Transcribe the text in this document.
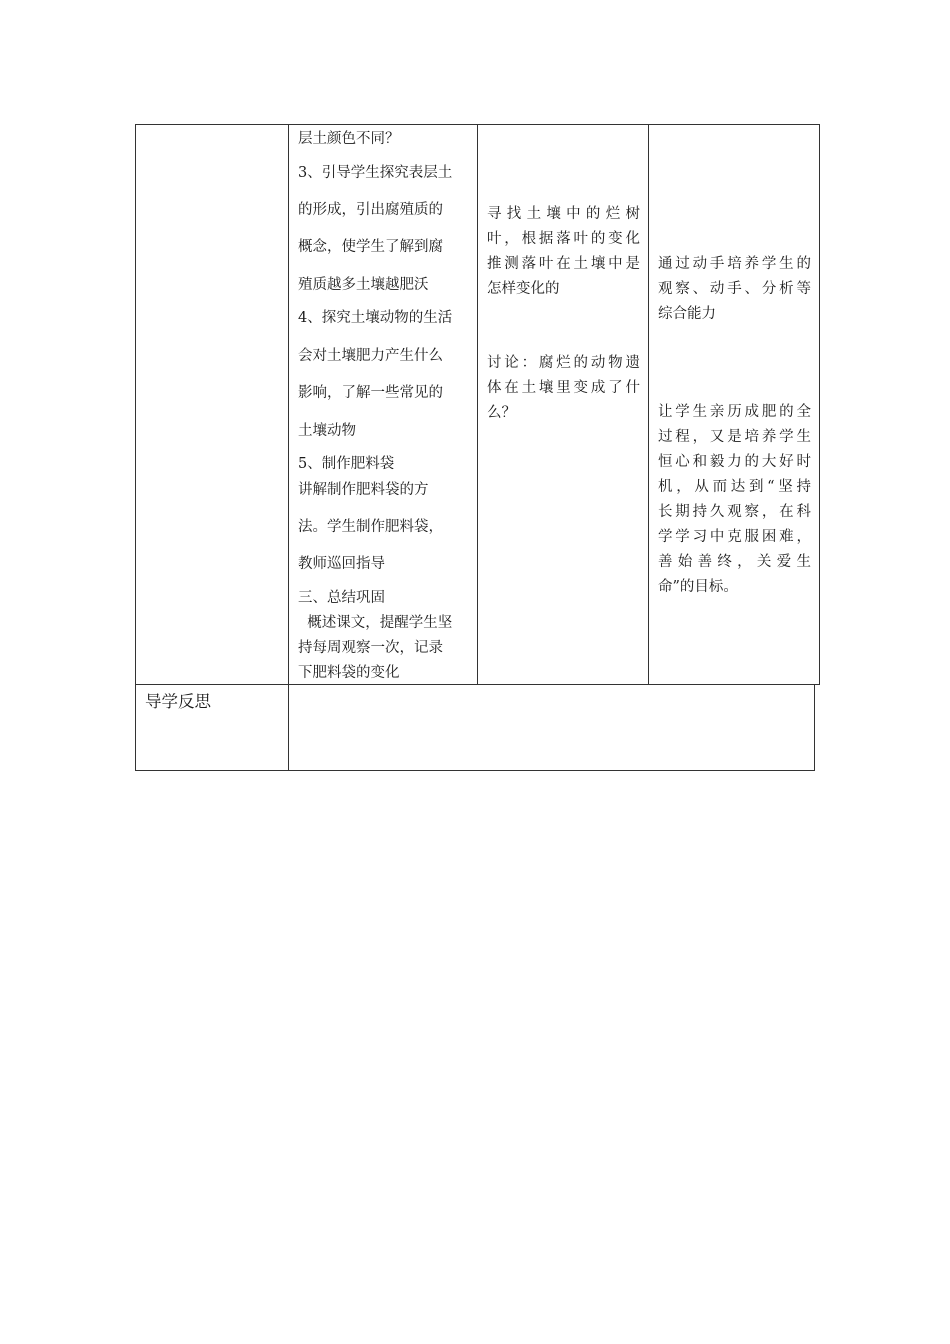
层土颜色不同？
3、引导学生探究表层土
的形成，引出腐殖质的
概念，使学生了解到腐
殖质越多土壤越肥沃
4、探究土壤动物的生活
会对土壤肥力产生什么
影响，了解一些常见的
土壤动物
5、制作肥料袋
讲解制作肥料袋的方
法。学生制作肥料袋，
教师巡回指导
三、总结巩固
概述课文，提醒学生坚
持每周观察一次，记录
下肥料袋的变化
寻找土壤中的烂树
叶，根据落叶的变化
推测落叶在土壤中是
怎样变化的
讨论：腐烂的动物遗
体在土壤里变成了什
么？
通过动手培养学生的
观察、动手、分析等
综合能力
让学生亲历成肥的全
过程，又是培养学生
恒心和毅力的大好时
机，从而达到“坚持
长期持久观察，在科
学学习中克服困难，
善始善终，关爱生
命”的目标。
导学反思
